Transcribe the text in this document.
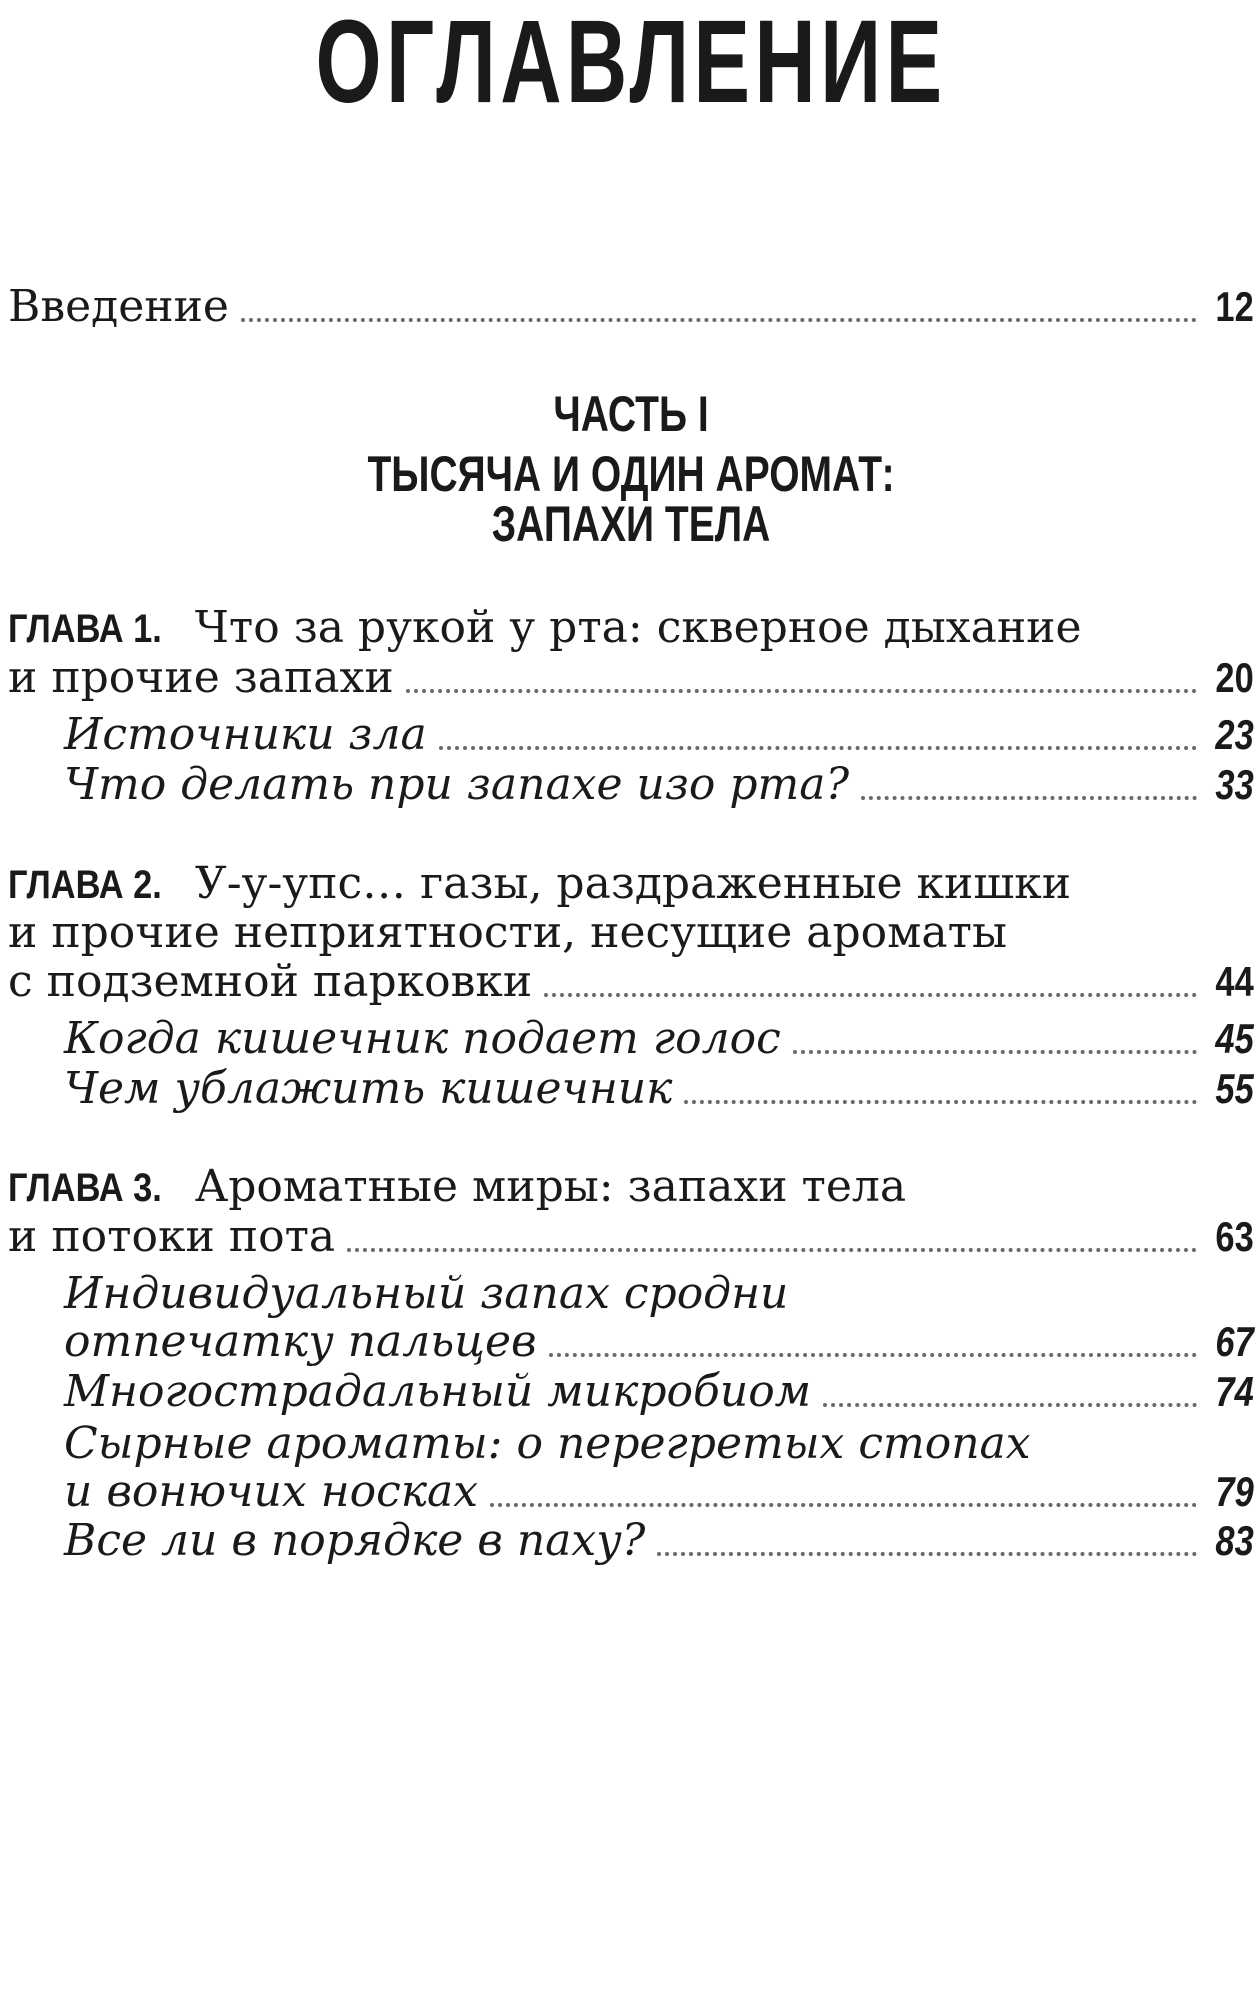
ОГЛАВЛЕНИЕ
Введение	12
ЧАСТЬ I
ТЫСЯЧА И ОДИН АРОМАТ:
ЗАПАХИ ТЕЛА
ГЛАВА 1. Что за рукой у рта: скверное дыхание
и прочие запахи	20
Источники зла	23
Что делать при запахе изо рта?	33
ГЛАВА 2. У-у-упс… газы, раздраженные кишки
и прочие неприятности, несущие ароматы
с подземной парковки	44
Когда кишечник подает голос	45
Чем ублажить кишечник	55
ГЛАВА 3. Ароматные миры: запахи тела
и потоки пота	63
Индивидуальный запах сродни
отпечатку пальцев	67
Многострадальный микробиом	74
Сырные ароматы: о перегретых стопах
и вонючих носках	79
Все ли в порядке в паху?	83
